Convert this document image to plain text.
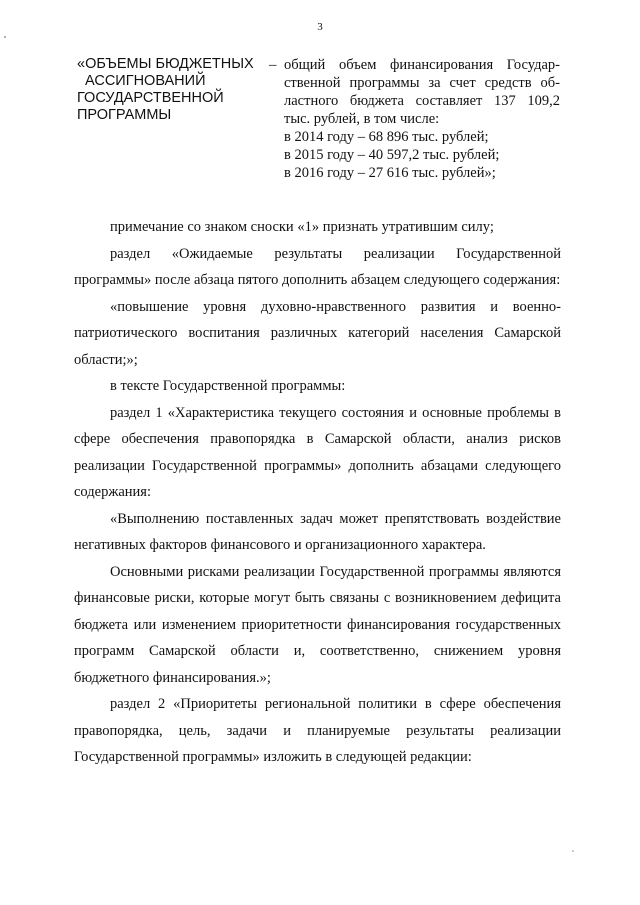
3
«ОБЪЕМЫ БЮДЖЕТНЫХ
АССИГНОВАНИЙ
ГОСУДАРСТВЕННОЙ
ПРОГРАММЫ
– общий объем финансирования Государ-
ственной программы за счет средств об-
ластного бюджета составляет 137 109,2
тыс. рублей, в том числе:
в 2014 году – 68 896 тыс. рублей;
в 2015 году – 40 597,2 тыс. рублей;
в 2016 году – 27 616 тыс. рублей»;

примечание со знаком сноски «1» признать утратившим силу;

раздел «Ожидаемые результаты реализации Государственной программы» после абзаца пятого дополнить абзацем следующего содержания:

«повышение уровня духовно-нравственного развития и военно-патриотического воспитания различных категорий населения Самарской области;»;

в тексте Государственной программы:

раздел 1 «Характеристика текущего состояния и основные проблемы в сфере обеспечения правопорядка в Самарской области, анализ рисков реализации Государственной программы» дополнить абзацами следующего содержания:

«Выполнению поставленных задач может препятствовать воздействие негативных факторов финансового и организационного характера.

Основными рисками реализации Государственной программы являются финансовые риски, которые могут быть связаны с возникновением дефицита бюджета или изменением приоритетности финансирования государственных программ Самарской области и, соответственно, снижением уровня бюджетного финансирования.»;

раздел 2 «Приоритеты региональной политики в сфере обеспечения правопорядка, цель, задачи и планируемые результаты реализации Государственной программы» изложить в следующей редакции:
